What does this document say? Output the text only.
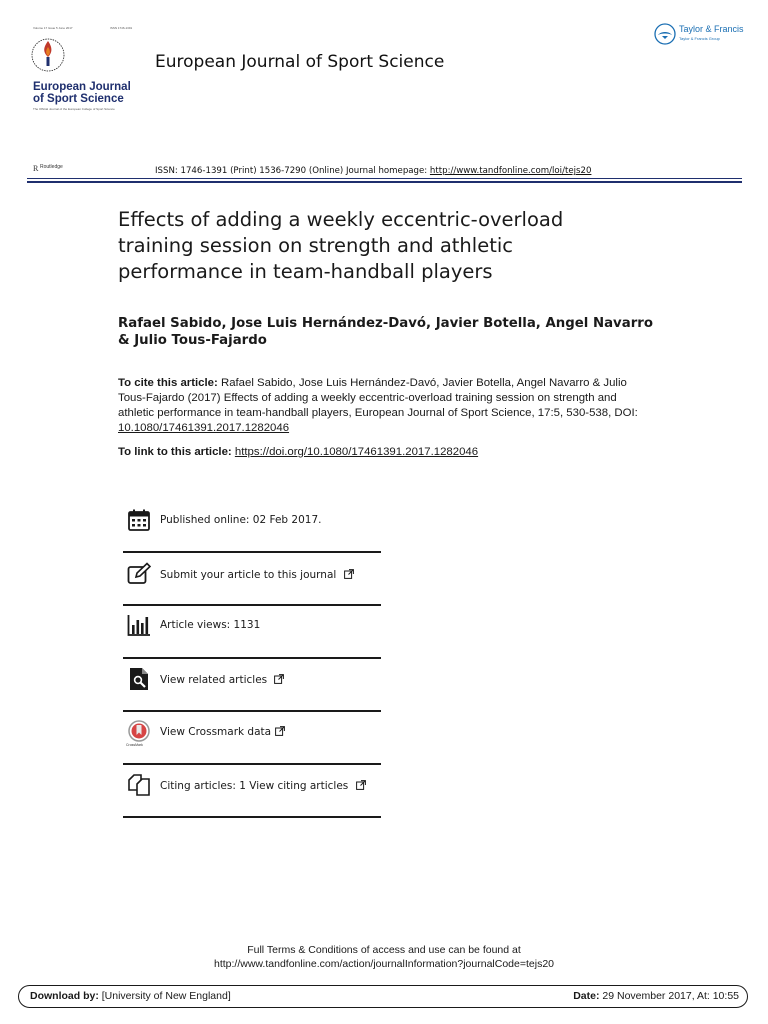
Volume 17 Issue 5 June 2017	ISSN 1746-1391
European Journal
of Sport Science
The Official Journal of the European College of Sport Science
European Journal of Sport Science
Taylor & Francis
Taylor & Francis Group
R Routledge	ISSN: 1746-1391 (Print) 1536-7290 (Online) Journal homepage: http://www.tandfonline.com/loi/tejs20
Effects of adding a weekly eccentric-overload training session on strength and athletic performance in team-handball players
Rafael Sabido, Jose Luis Hernández-Davó, Javier Botella, Angel Navarro & Julio Tous-Fajardo
To cite this article: Rafael Sabido, Jose Luis Hernández-Davó, Javier Botella, Angel Navarro & Julio Tous-Fajardo (2017) Effects of adding a weekly eccentric-overload training session on strength and athletic performance in team-handball players, European Journal of Sport Science, 17:5, 530-538, DOI: 10.1080/17461391.2017.1282046
To link to this article: https://doi.org/10.1080/17461391.2017.1282046
Published online: 02 Feb 2017.
Submit your article to this journal
Article views: 1131
View related articles
CrossMark
View Crossmark data
Citing articles: 1 View citing articles
Full Terms & Conditions of access and use can be found at
http://www.tandfonline.com/action/journalInformation?journalCode=tejs20
Download by: [University of New England]	Date: 29 November 2017, At: 10:55
